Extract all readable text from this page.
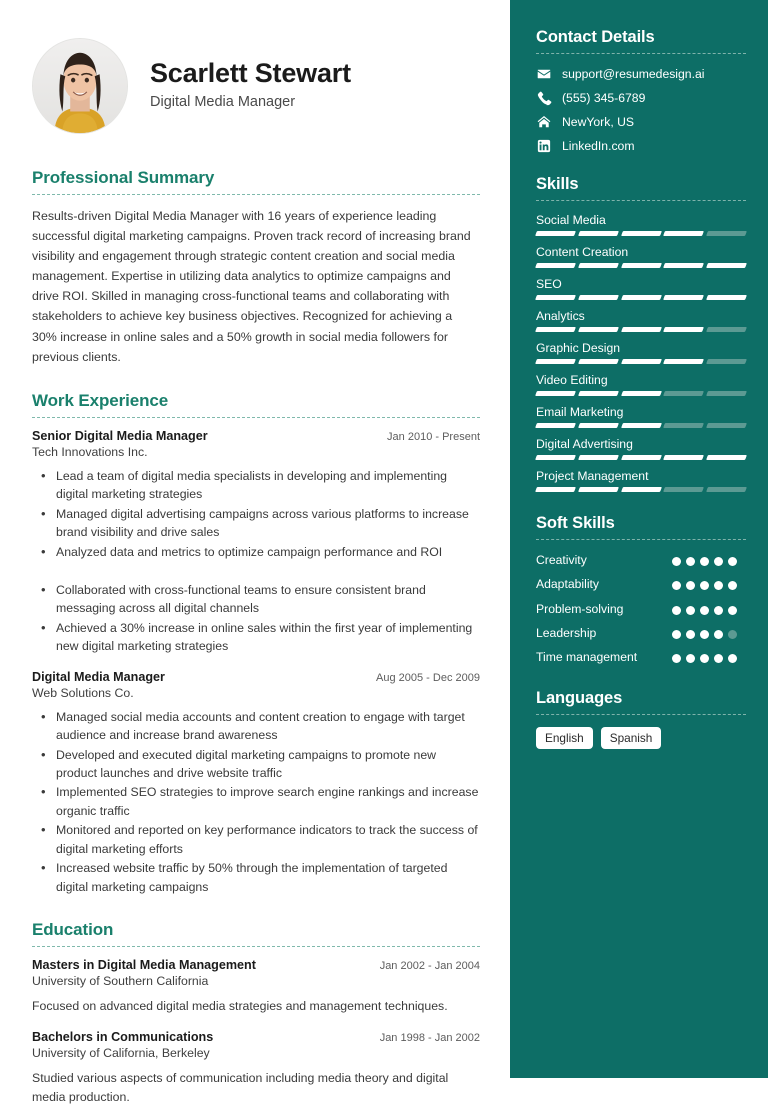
Scarlett Stewart
Digital Media Manager
Professional Summary
Results-driven Digital Media Manager with 16 years of experience leading successful digital marketing campaigns. Proven track record of increasing brand visibility and engagement through strategic content creation and social media management. Expertise in utilizing data analytics to optimize campaigns and drive ROI. Skilled in managing cross-functional teams and collaborating with stakeholders to achieve key business objectives. Recognized for achieving a 30% increase in online sales and a 50% growth in social media followers for previous clients.
Work Experience
Senior Digital Media Manager	Jan 2010 - Present
Tech Innovations Inc.
• Lead a team of digital media specialists in developing and implementing digital marketing strategies
• Managed digital advertising campaigns across various platforms to increase brand visibility and drive sales
• Analyzed data and metrics to optimize campaign performance and ROI
• Collaborated with cross-functional teams to ensure consistent brand messaging across all digital channels
• Achieved a 30% increase in online sales within the first year of implementing new digital marketing strategies
Digital Media Manager	Aug 2005 - Dec 2009
Web Solutions Co.
• Managed social media accounts and content creation to engage with target audience and increase brand awareness
• Developed and executed digital marketing campaigns to promote new product launches and drive website traffic
• Implemented SEO strategies to improve search engine rankings and increase organic traffic
• Monitored and reported on key performance indicators to track the success of digital marketing efforts
• Increased website traffic by 50% through the implementation of targeted digital marketing campaigns
Education
Masters in Digital Media Management	Jan 2002 - Jan 2004
University of Southern California
Focused on advanced digital media strategies and management techniques.
Bachelors in Communications	Jan 1998 - Jan 2002
University of California, Berkeley
Studied various aspects of communication including media theory and digital media production.
Contact Details
support@resumedesign.ai
(555) 345-6789
NewYork, US
LinkedIn.com
Skills
Social Media
Content Creation
SEO
Analytics
Graphic Design
Video Editing
Email Marketing
Digital Advertising
Project Management
Soft Skills
Creativity
Adaptability
Problem-solving
Leadership
Time management
Languages
English	Spanish
